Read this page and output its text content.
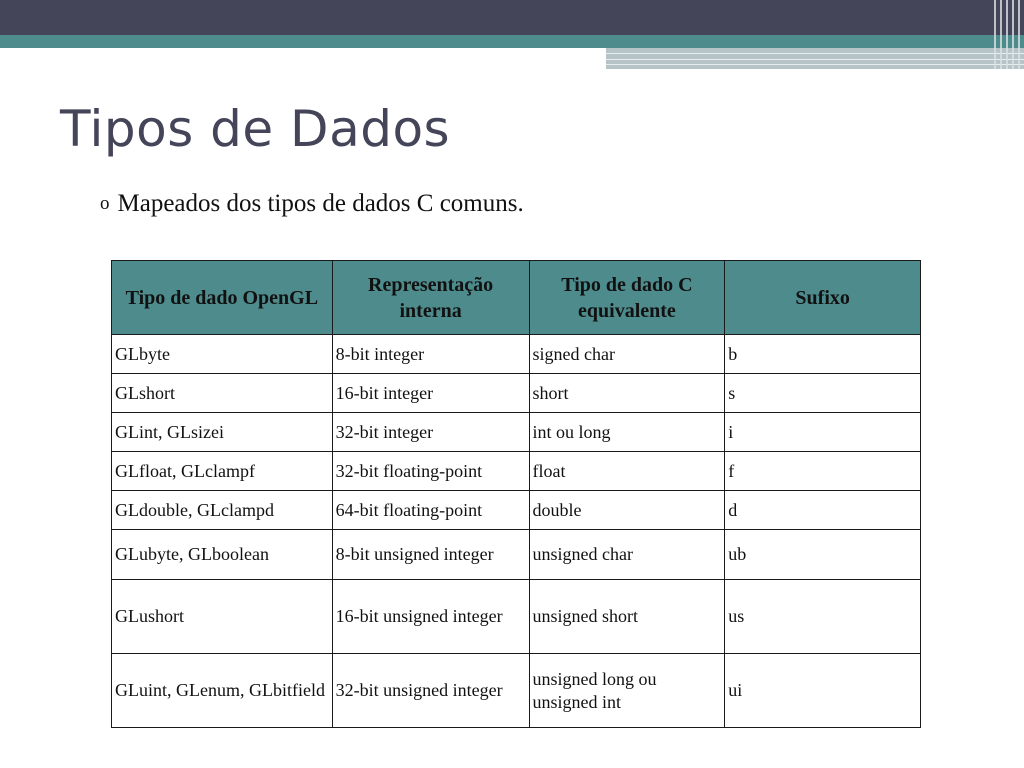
Tipos de Dados
o Mapeados dos tipos de dados C comuns.
Tipo de dado OpenGL	Representação interna	Tipo de dado C equivalente	Sufixo
GLbyte	8-bit integer	signed char	b
GLshort	16-bit integer	short	s
GLint, GLsizei	32-bit integer	int ou long	i
GLfloat, GLclampf	32-bit floating-point	float	f
GLdouble, GLclampd	64-bit floating-point	double	d
GLubyte, GLboolean	8-bit unsigned integer	unsigned char	ub
GLushort	16-bit unsigned integer	unsigned short	us
GLuint, GLenum, GLbitfield	32-bit unsigned integer	unsigned long ou unsigned int	ui
